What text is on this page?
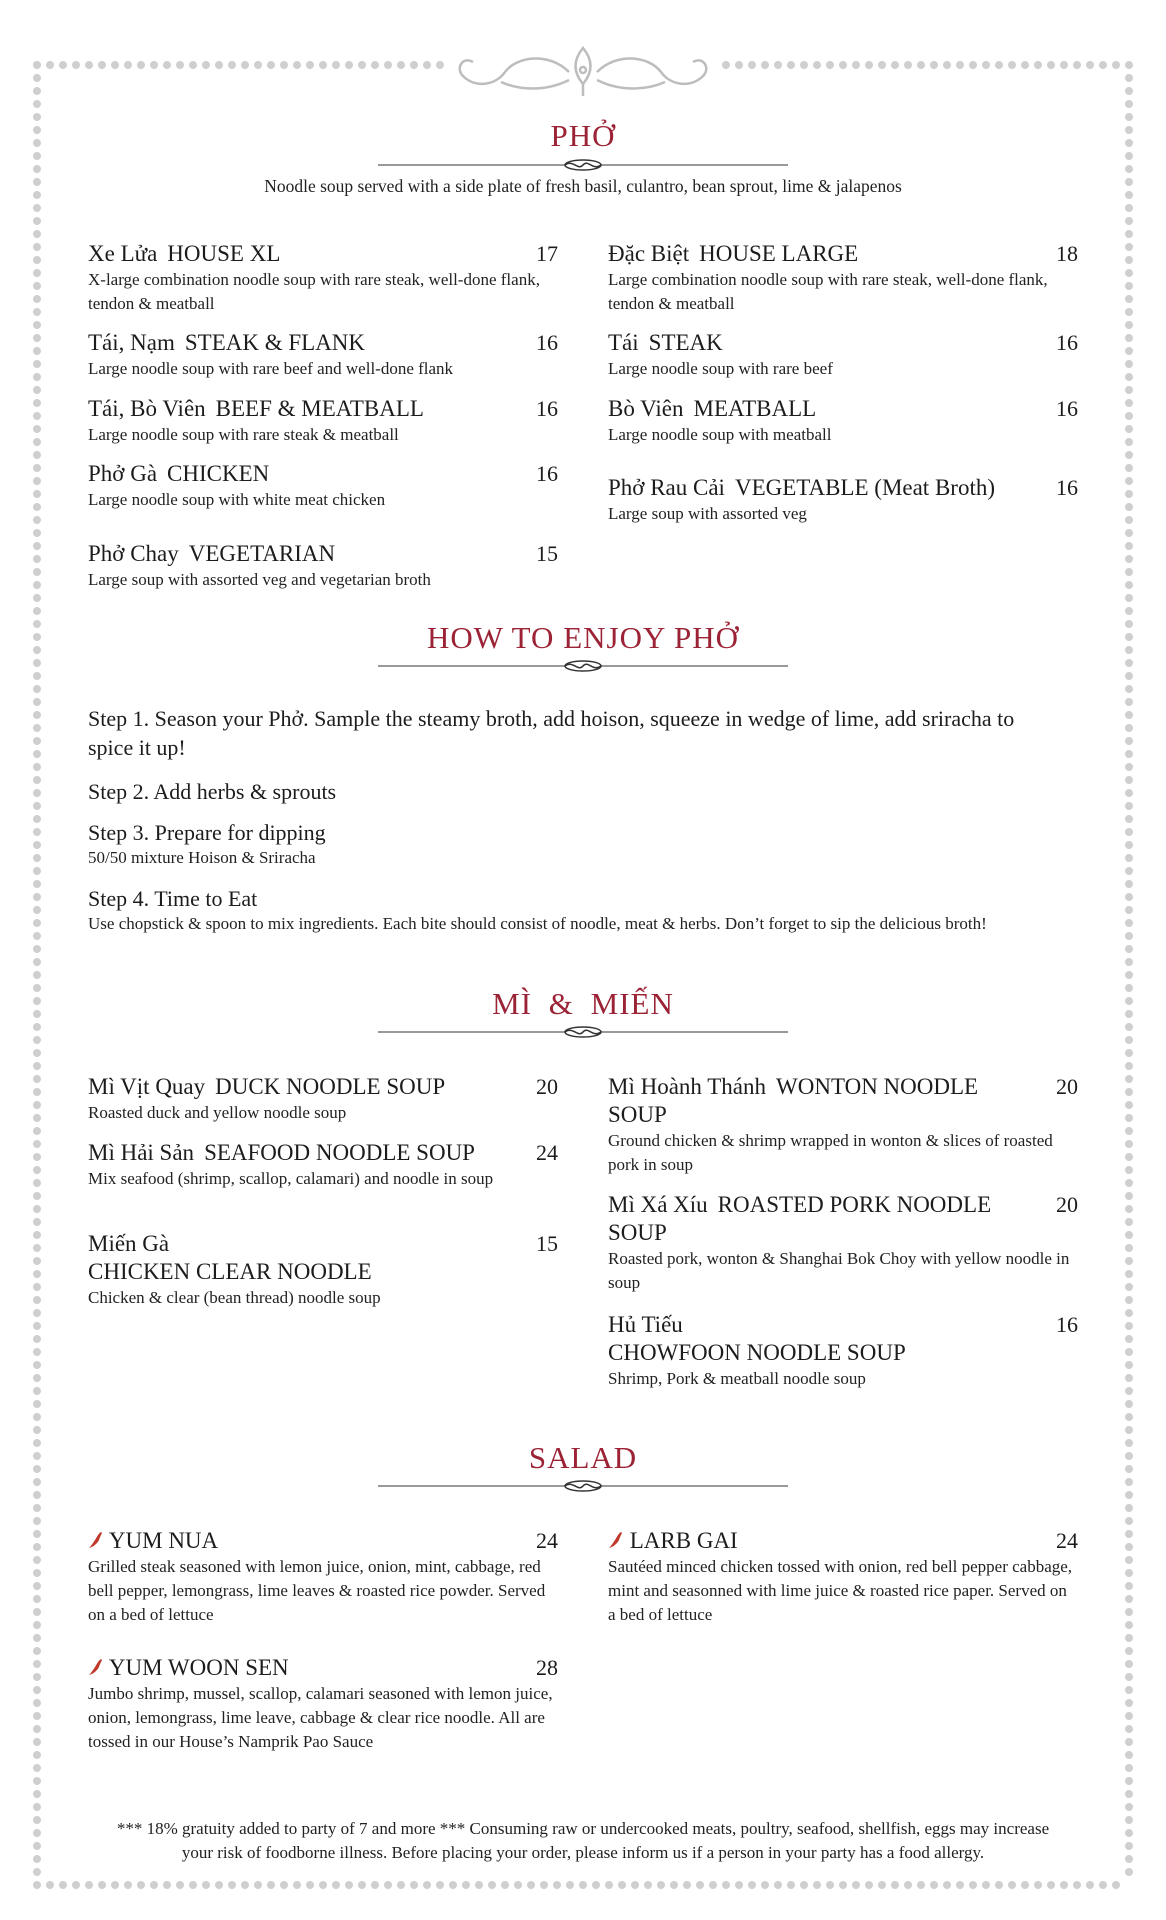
PHỞ
Noodle soup served with a side plate of fresh basil, culantro, bean sprout, lime & jalapenos
Xe Lửa HOUSE XL	17
X-large combination noodle soup with rare steak, well-done flank, tendon & meatball
Đặc Biệt HOUSE LARGE	18
Large combination noodle soup with rare steak, well-done flank, tendon & meatball
Tái, Nạm STEAK & FLANK	16
Large noodle soup with rare beef and well-done flank
Tái STEAK	16
Large noodle soup with rare beef
Tái, Bò Viên BEEF & MEATBALL	16
Large noodle soup with rare steak & meatball
Bò Viên MEATBALL	16
Large noodle soup with meatball
Phở Gà CHICKEN	16
Large noodle soup with white meat chicken	Phở Rau Cải VEGETABLE (Meat Broth)	16
Large soup with assorted veg
Phở Chay VEGETARIAN	15
Large soup with assorted veg and vegetarian broth
HOW TO ENJOY PHỞ
Step 1. Season your Phở. Sample the steamy broth, add hoison, squeeze in wedge of lime, add sriracha to spice it up!
Step 2. Add herbs & sprouts
Step 3. Prepare for dipping
50/50 mixture Hoison & Sriracha
Step 4. Time to Eat
Use chopstick & spoon to mix ingredients. Each bite should consist of noodle, meat & herbs. Don’t forget to sip the delicious broth!
MÌ & MIẾN
Mì Vịt Quay DUCK NOODLE SOUP	20
Roasted duck and yellow noodle soup
Mì Hoành Thánh WONTON NOODLE SOUP
20
Ground chicken & shrimp wrapped in wonton & slices of roasted pork in soup
Mì Hải Sản SEAFOOD NOODLE SOUP	24
Mix seafood (shrimp, scallop, calamari) and noodle in soup
Mì Xá Xíu ROASTED PORK NOODLE SOUP
20
Roasted pork, wonton & Shanghai Bok Choy with yellow noodle in soup
Miến Gà
CHICKEN CLEAR NOODLE
15
Chicken & clear (bean thread) noodle soup
Hủ Tiếu
CHOWFOON NOODLE SOUP
16
Shrimp, Pork & meatball noodle soup
SALAD
YUM NUA	24
Grilled steak seasoned with lemon juice, onion, mint, cabbage, red bell pepper, lemongrass, lime leaves & roasted rice powder. Served on a bed of lettuce
LARB GAI	24
Sautéed minced chicken tossed with onion, red bell pepper cabbage, mint and seasonned with lime juice & roasted rice paper. Served on a bed of lettuce
YUM WOON SEN	28
Jumbo shrimp, mussel, scallop, calamari seasoned with lemon juice, onion, lemongrass, lime leave, cabbage & clear rice noodle. All are tossed in our House’s Namprik Pao Sauce
*** 18% gratuity added to party of 7 and more *** Consuming raw or undercooked meats, poultry, seafood, shellfish, eggs may increase your risk of foodborne illness. Before placing your order, please inform us if a person in your party has a food allergy.
